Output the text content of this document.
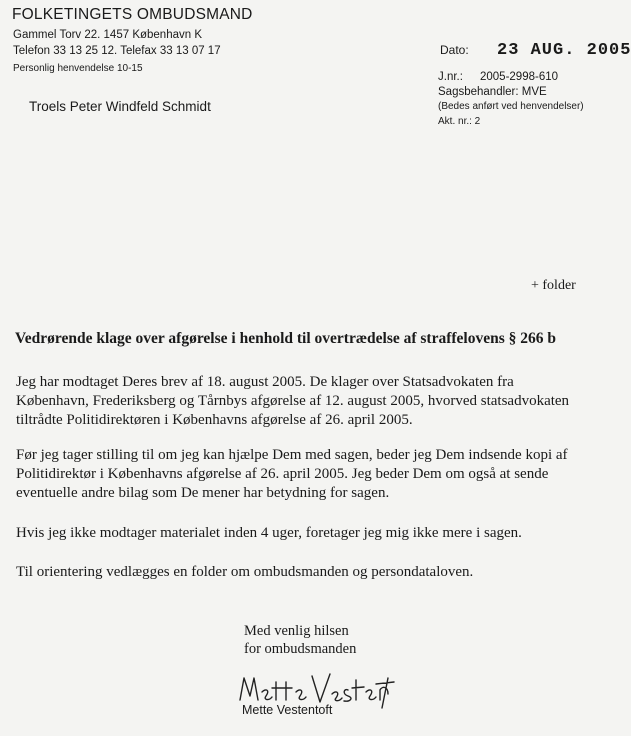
FOLKETINGETS OMBUDSMAND
Gammel Torv 22. 1457 København K
Telefon 33 13 25 12. Telefax 33 13 07 17
Personlig henvendelse 10-15
Dato: 23 AUG. 2005
J.nr.: 2005-2998-610
Sagsbehandler: MVE
(Bedes anført ved henvendelser)
Akt. nr.: 2
Troels Peter Windfeld Schmidt
+ folder
Vedrørende klage over afgørelse i henhold til overtrædelse af straffelovens § 266 b
Jeg har modtaget Deres brev af 18. august 2005. De klager over Statsadvokaten fra København, Frederiksberg og Tårnbys afgørelse af 12. august 2005, hvorved statsadvokaten tiltrådte Politidirektøren i Københavns afgørelse af 26. april 2005.
Før jeg tager stilling til om jeg kan hjælpe Dem med sagen, beder jeg Dem indsende kopi af Politidirektør i Københavns afgørelse af 26. april 2005. Jeg beder Dem om også at sende eventuelle andre bilag som De mener har betydning for sagen.
Hvis jeg ikke modtager materialet inden 4 uger, foretager jeg mig ikke mere i sagen.
Til orientering vedlægges en folder om ombudsmanden og persondataloven.
Med venlig hilsen
for ombudsmanden
Mette Vestentoft
